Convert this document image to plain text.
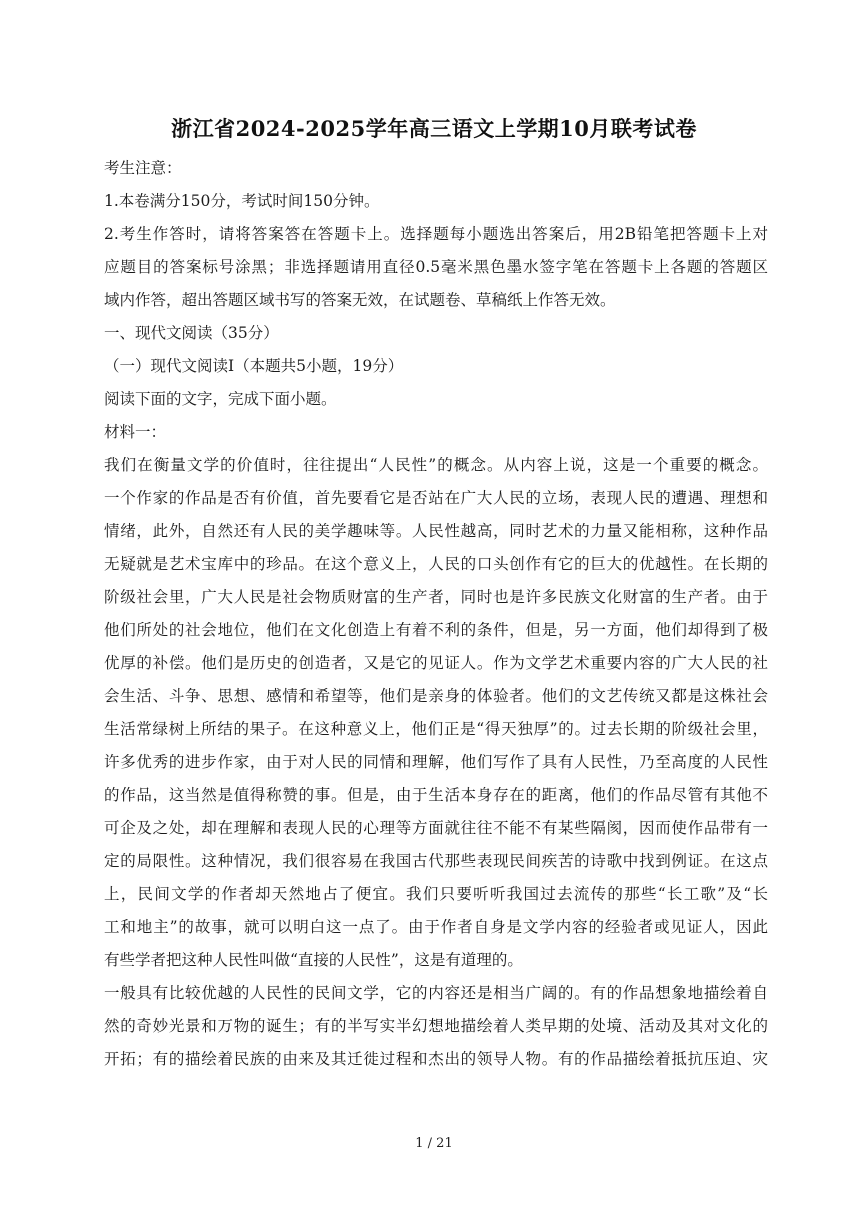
浙江省2024-2025学年高三语文上学期10月联考试卷
考生注意：
1.本卷满分150分，考试时间150分钟。
2.考生作答时，请将答案答在答题卡上。选择题每小题选出答案后，用2B铅笔把答题卡上对
应题目的答案标号涂黑；非选择题请用直径0.5毫米黑色墨水签字笔在答题卡上各题的答题区
域内作答，超出答题区域书写的答案无效，在试题卷、草稿纸上作答无效。
一、现代文阅读（35分）
（一）现代文阅读Ⅰ（本题共5小题，19分）
阅读下面的文字，完成下面小题。
材料一：
我们在衡量文学的价值时，往往提出“人民性”的概念。从内容上说，这是一个重要的概念。
一个作家的作品是否有价值，首先要看它是否站在广大人民的立场，表现人民的遭遇、理想和
情绪，此外，自然还有人民的美学趣味等。人民性越高，同时艺术的力量又能相称，这种作品
无疑就是艺术宝库中的珍品。在这个意义上，人民的口头创作有它的巨大的优越性。在长期的
阶级社会里，广大人民是社会物质财富的生产者，同时也是许多民族文化财富的生产者。由于
他们所处的社会地位，他们在文化创造上有着不利的条件，但是，另一方面，他们却得到了极
优厚的补偿。他们是历史的创造者，又是它的见证人。作为文学艺术重要内容的广大人民的社
会生活、斗争、思想、感情和希望等，他们是亲身的体验者。他们的文艺传统又都是这株社会
生活常绿树上所结的果子。在这种意义上，他们正是“得天独厚”的。过去长期的阶级社会里，
许多优秀的进步作家，由于对人民的同情和理解，他们写作了具有人民性，乃至高度的人民性
的作品，这当然是值得称赞的事。但是，由于生活本身存在的距离，他们的作品尽管有其他不
可企及之处，却在理解和表现人民的心理等方面就往往不能不有某些隔阂，因而使作品带有一
定的局限性。这种情况，我们很容易在我国古代那些表现民间疾苦的诗歌中找到例证。在这点
上，民间文学的作者却天然地占了便宜。我们只要听听我国过去流传的那些“长工歌”及“长
工和地主”的故事，就可以明白这一点了。由于作者自身是文学内容的经验者或见证人，因此
有些学者把这种人民性叫做“直接的人民性”，这是有道理的。
一般具有比较优越的人民性的民间文学，它的内容还是相当广阔的。有的作品想象地描绘着自
然的奇妙光景和万物的诞生；有的半写实半幻想地描绘着人类早期的处境、活动及其对文化的
开拓；有的描绘着民族的由来及其迁徙过程和杰出的领导人物。有的作品描绘着抵抗压迫、灾
1 / 21
